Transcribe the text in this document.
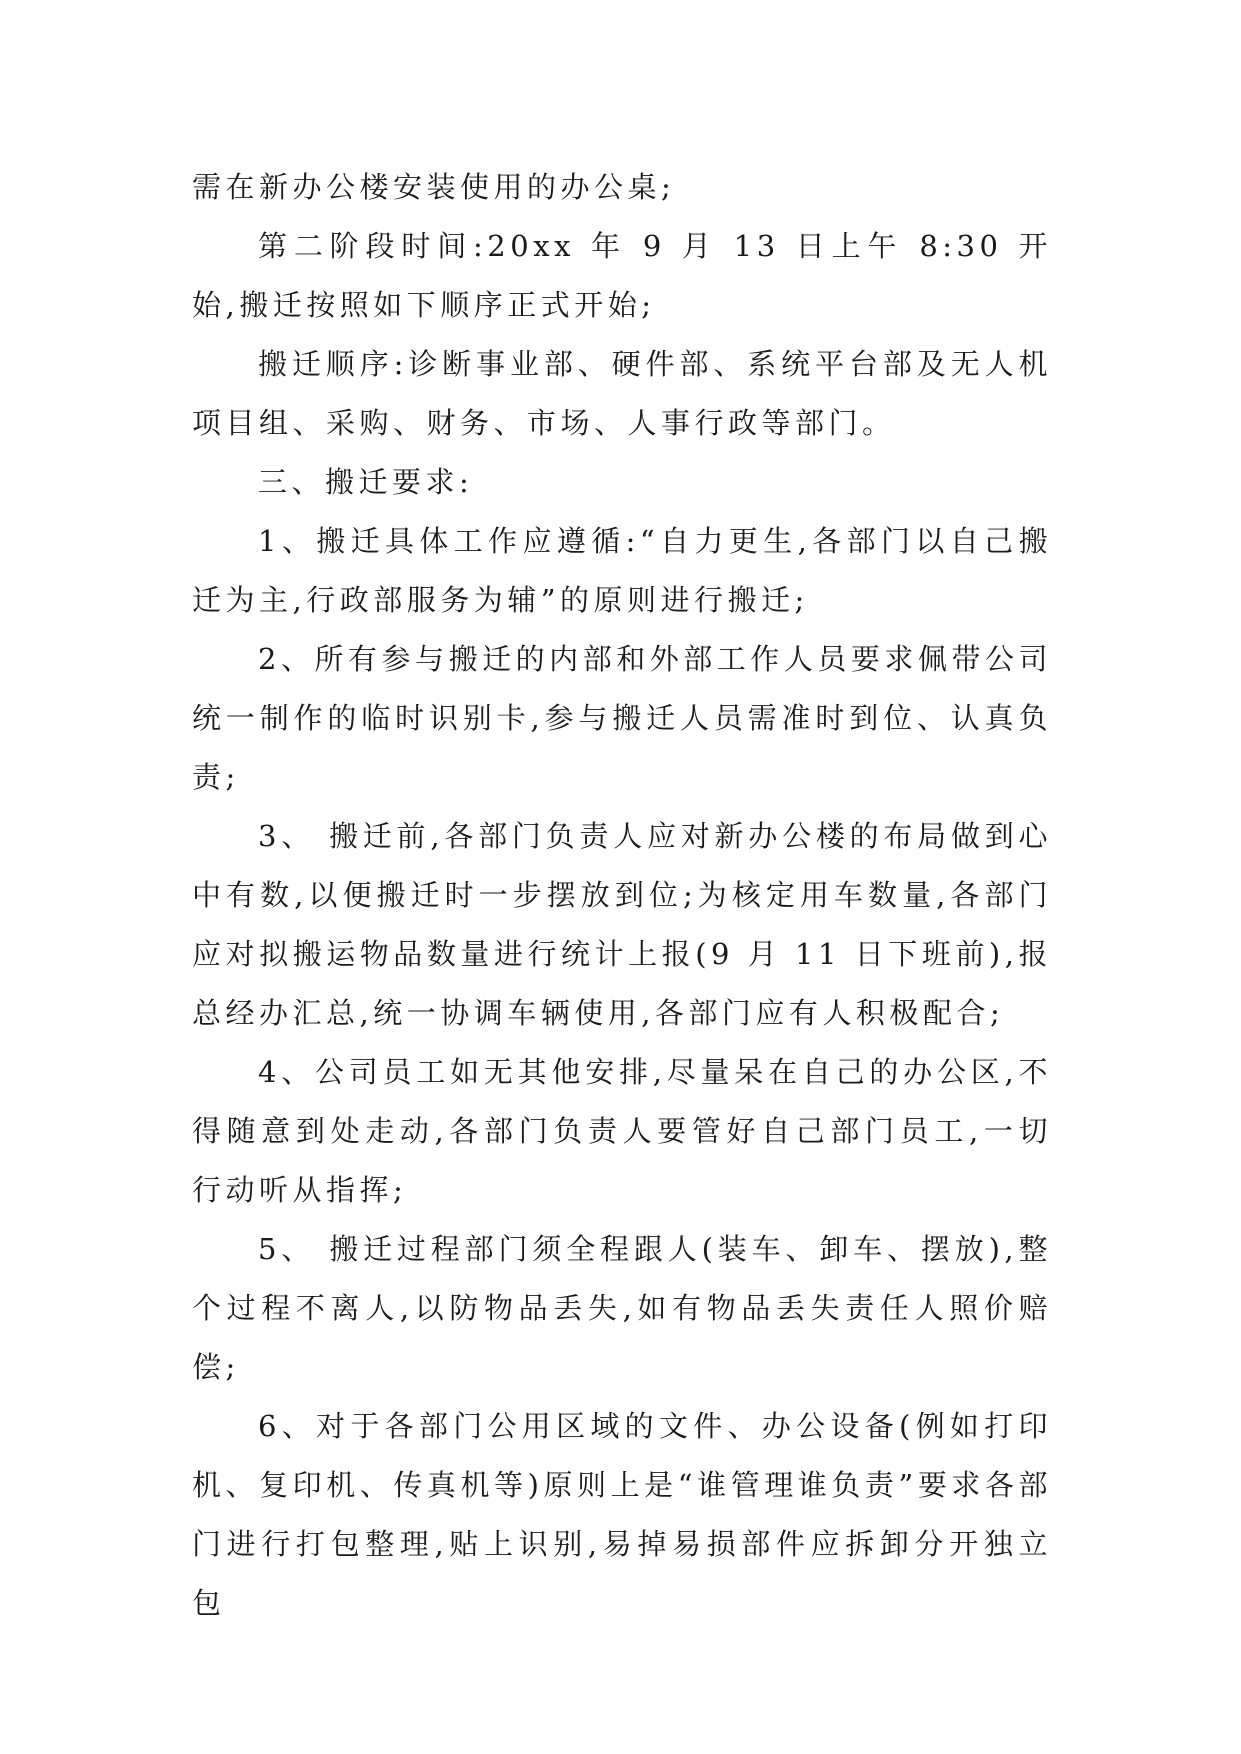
需在新办公楼安装使用的办公桌;

第二阶段时间:20xx 年 9 月 13 日上午 8:30 开始,搬迁按照如下顺序正式开始;

搬迁顺序:诊断事业部、硬件部、系统平台部及无人机项目组、采购、财务、市场、人事行政等部门。

三、搬迁要求:

1、搬迁具体工作应遵循:“自力更生,各部门以自己搬迁为主,行政部服务为辅”的原则进行搬迁;

2、所有参与搬迁的内部和外部工作人员要求佩带公司统一制作的临时识别卡,参与搬迁人员需准时到位、认真负责;

3、 搬迁前,各部门负责人应对新办公楼的布局做到心中有数,以便搬迁时一步摆放到位;为核定用车数量,各部门应对拟搬运物品数量进行统计上报(9 月 11 日下班前),报总经办汇总,统一协调车辆使用,各部门应有人积极配合;

4、公司员工如无其他安排,尽量呆在自己的办公区,不得随意到处走动,各部门负责人要管好自己部门员工,一切行动听从指挥;

5、 搬迁过程部门须全程跟人(装车、卸车、摆放),整个过程不离人,以防物品丢失,如有物品丢失责任人照价赔偿;

6、对于各部门公用区域的文件、办公设备(例如打印机、复印机、传真机等)原则上是“谁管理谁负责”要求各部门进行打包整理,贴上识别,易掉易损部件应拆卸分开独立包
